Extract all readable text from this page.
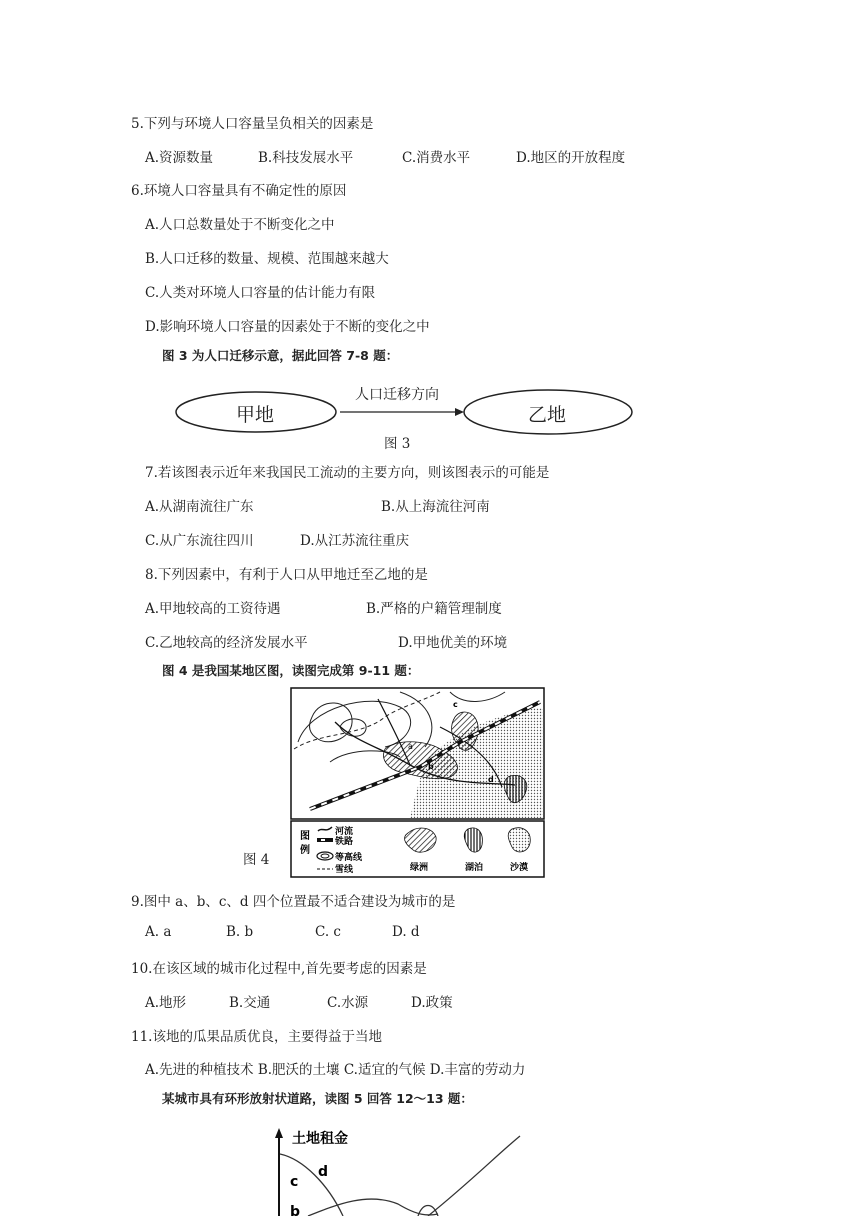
5.下列与环境人口容量呈负相关的因素是
A.资源数量	B.科技发展水平	C.消费水平	D.地区的开放程度
6.环境人口容量具有不确定性的原因
A.人口总数量处于不断变化之中
B.人口迁移的数量、规模、范围越来越大
C.人类对环境人口容量的估计能力有限
D.影响环境人口容量的因素处于不断的变化之中
图 3 为人口迁移示意，据此回答 7-8 题：
甲地	乙地
人口迁移方向
图 3
7.若该图表示近年来我国民工流动的主要方向，则该图表示的可能是
A.从湖南流往广东	B.从上海流往河南
C.从广东流往四川	D.从江苏流往重庆
8.下列因素中，有利于人口从甲地迁至乙地的是
A.甲地较高的工资待遇	B.严格的户籍管理制度
C.乙地较高的经济发展水平	D.甲地优美的环境
图 4 是我国某地区图，读图完成第 9-11 题：
图 4
a
b
c
d
图
例
河流
铁路
等高线
雪线	绿洲	湖泊	沙漠
9.图中 a、b、c、d 四个位置最不适合建设为城市的是
A. a	B. b	C. c	D. d
10.在该区域的城市化过程中,首先要考虑的因素是
A.地形	B.交通	C.水源	D.政策
11.该地的瓜果品质优良，主要得益于当地
A.先进的种植技术 B.肥沃的土壤 C.适宜的气候 D.丰富的劳动力
某城市具有环形放射状道路，读图 5 回答 12～13 题：
土地租金
d
c
b
